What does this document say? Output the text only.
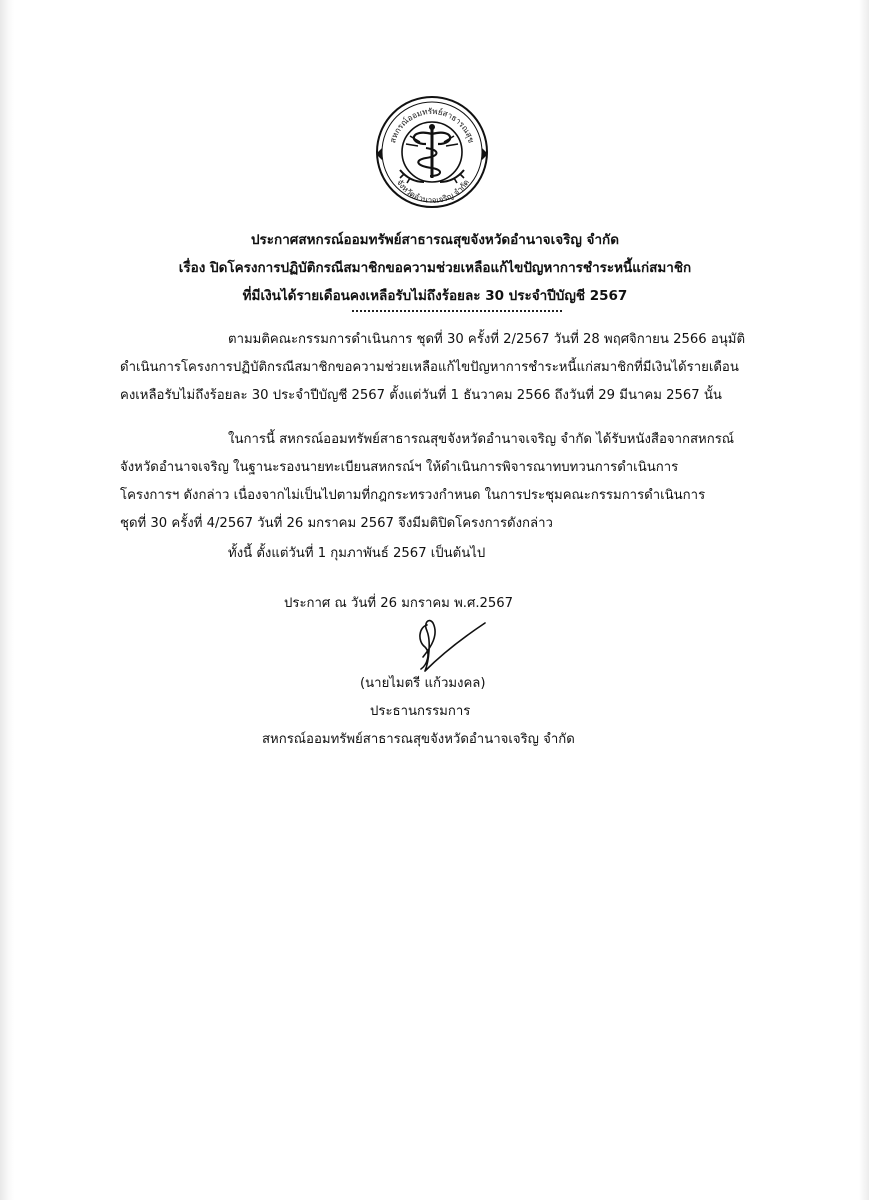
สหกรณ์ออมทรัพย์สาธารณสุข
จังหวัดอำนาจเจริญ จำกัด
ประกาศสหกรณ์ออมทรัพย์สาธารณสุขจังหวัดอำนาจเจริญ จำกัด
เรื่อง ปิดโครงการปฏิบัติกรณีสมาชิกขอความช่วยเหลือแก้ไขปัญหาการชำระหนี้แก่สมาชิก
ที่มีเงินได้รายเดือนคงเหลือรับไม่ถึงร้อยละ 30 ประจำปีบัญชี 2567
ตามมติคณะกรรมการดำเนินการ ชุดที่ 30 ครั้งที่ 2/2567 วันที่ 28 พฤศจิกายน 2566 อนุมัติ
ดำเนินการโครงการปฏิบัติกรณีสมาชิกขอความช่วยเหลือแก้ไขปัญหาการชำระหนี้แก่สมาชิกที่มีเงินได้รายเดือน
คงเหลือรับไม่ถึงร้อยละ 30 ประจำปีบัญชี 2567 ตั้งแต่วันที่ 1 ธันวาคม 2566 ถึงวันที่ 29 มีนาคม 2567 นั้น
ในการนี้ สหกรณ์ออมทรัพย์สาธารณสุขจังหวัดอำนาจเจริญ จำกัด ได้รับหนังสือจากสหกรณ์
จังหวัดอำนาจเจริญ ในฐานะรองนายทะเบียนสหกรณ์ฯ ให้ดำเนินการพิจารณาทบทวนการดำเนินการ
โครงการฯ ดังกล่าว เนื่องจากไม่เป็นไปตามที่กฎกระทรวงกำหนด ในการประชุมคณะกรรมการดำเนินการ
ชุดที่ 30 ครั้งที่ 4/2567 วันที่ 26 มกราคม 2567 จึงมีมติปิดโครงการดังกล่าว
ทั้งนี้ ตั้งแต่วันที่ 1 กุมภาพันธ์ 2567 เป็นต้นไป
ประกาศ ณ วันที่ 26 มกราคม พ.ศ.2567
(นายไมตรี แก้วมงคล)
ประธานกรรมการ
สหกรณ์ออมทรัพย์สาธารณสุขจังหวัดอำนาจเจริญ จำกัด
